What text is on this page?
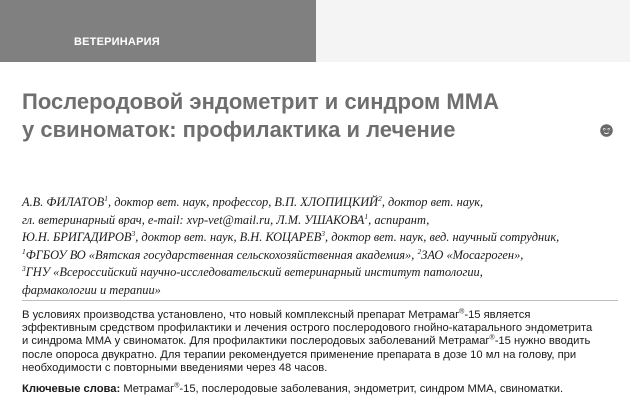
ВЕТЕРИНАРИЯ
Послеродовой эндометрит и синдром ММА
у свиноматок: профилактика и лечение
А.В. ФИЛАТОВ$^1$, доктор вет. наук, профессор, В.П. ХЛОПИЦКИЙ$^2$, доктор вет. наук,
гл. ветеринарный врач, e-mail: xvp-vet@mail.ru, Л.М. УШАКОВА$^1$, аспирант,
Ю.Н. БРИГАДИРОВ$^3$, доктор вет. наук, В.Н. КОЦАРЕВ$^3$, доктор вет. наук, вед. научный сотрудник,
$^1$ФГБОУ ВО «Вятская государственная сельскохозяйственная академия», $^2$ЗАО «Мосагроген»,
$^3$ГНУ «Всероссийский научно-исследовательский ветеринарный институт патологии,
фармакологии и терапии»
В условиях производства установлено, что новый комплексный препарат Метрамаг®-15 является
эффективным средством профилактики и лечения острого послеродового гнойно-катарального эндометрита
и синдрома ММА у свиноматок. Для профилактики послеродовых заболеваний Метрамаг®-15 нужно вводить
после опороса двукратно. Для терапии рекомендуется применение препарата в дозе 10 мл на голову, при
необходимости с повторными введениями через 48 часов.
Ключевые слова: Метрамаг®-15, послеродовые заболевания, эндометрит, синдром ММА, свиноматки.
